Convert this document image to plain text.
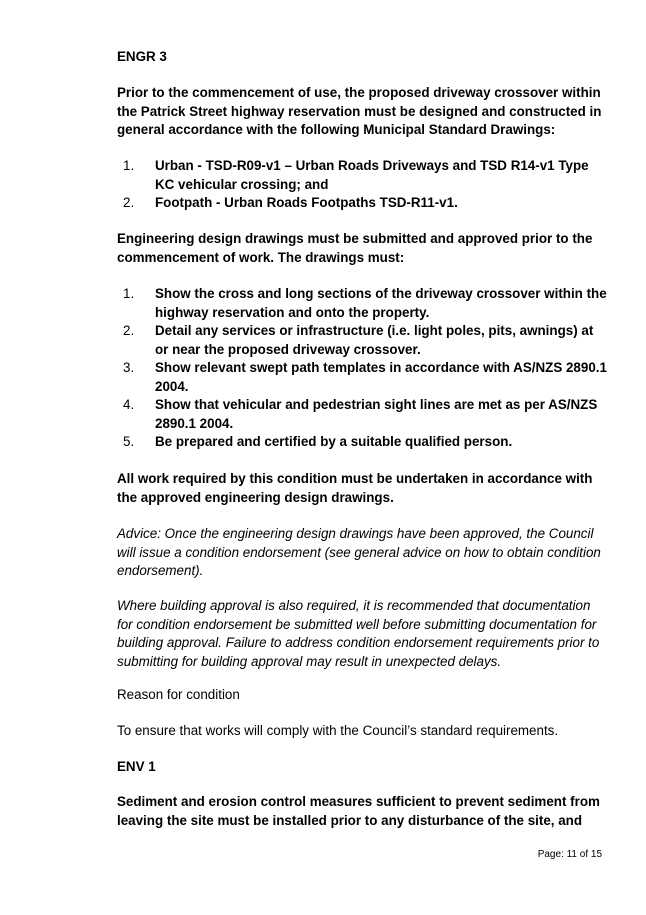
ENGR 3
Prior to the commencement of use, the proposed driveway crossover within the Patrick Street highway reservation must be designed and constructed in general accordance with the following Municipal Standard Drawings:
1. Urban - TSD-R09-v1 – Urban Roads Driveways and TSD R14-v1 Type KC vehicular crossing; and
2. Footpath - Urban Roads Footpaths TSD-R11-v1.
Engineering design drawings must be submitted and approved prior to the commencement of work. The drawings must:
1. Show the cross and long sections of the driveway crossover within the highway reservation and onto the property.
2. Detail any services or infrastructure (i.e. light poles, pits, awnings) at or near the proposed driveway crossover.
3. Show relevant swept path templates in accordance with AS/NZS 2890.1 2004.
4. Show that vehicular and pedestrian sight lines are met as per AS/NZS 2890.1 2004.
5. Be prepared and certified by a suitable qualified person.
All work required by this condition must be undertaken in accordance with the approved engineering design drawings.
Advice: Once the engineering design drawings have been approved, the Council will issue a condition endorsement (see general advice on how to obtain condition endorsement).
Where building approval is also required, it is recommended that documentation for condition endorsement be submitted well before submitting documentation for building approval. Failure to address condition endorsement requirements prior to submitting for building approval may result in unexpected delays.
Reason for condition
To ensure that works will comply with the Council’s standard requirements.
ENV 1
Sediment and erosion control measures sufficient to prevent sediment from leaving the site must be installed prior to any disturbance of the site, and
Page: 11 of 15
